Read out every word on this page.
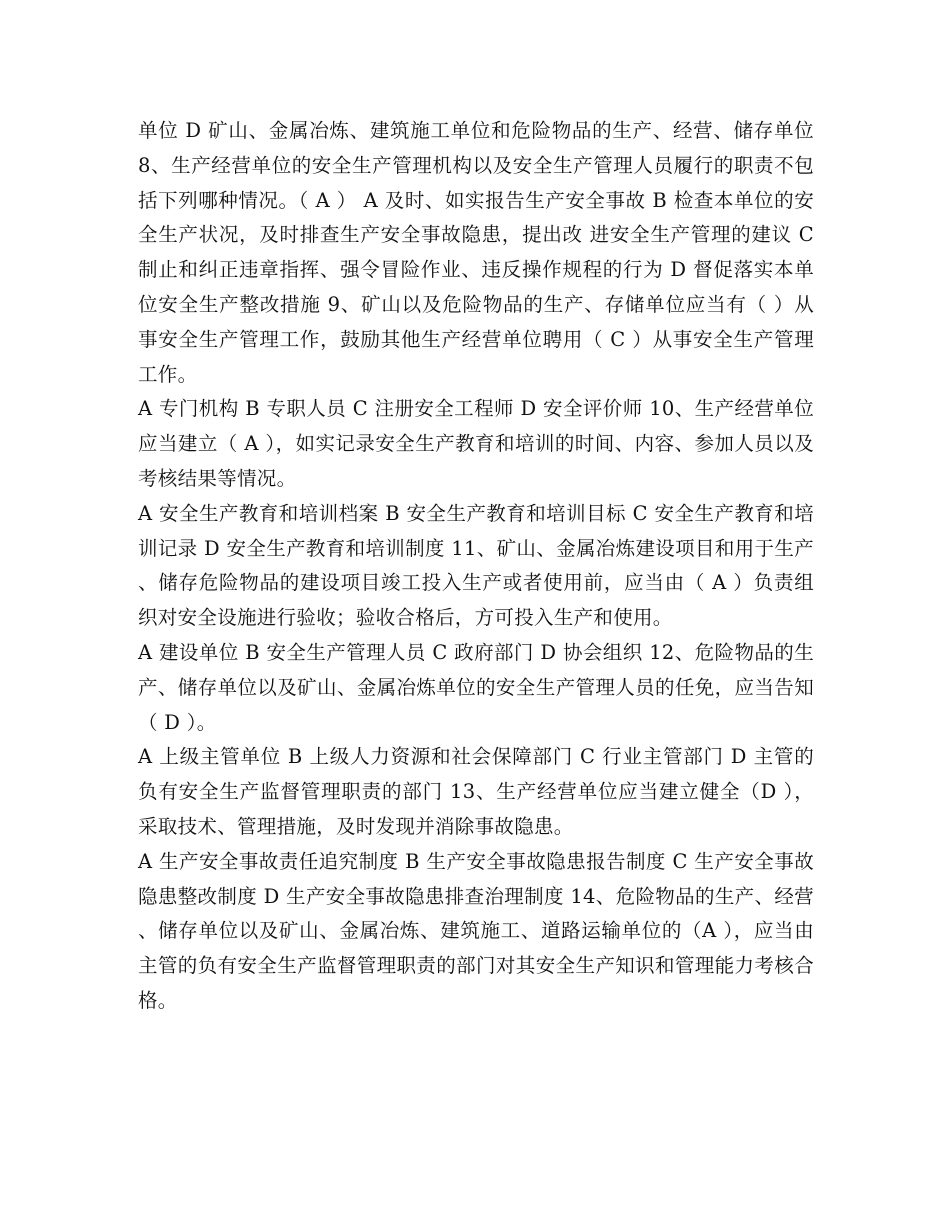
单位 D 矿山、金属冶炼、建筑施工单位和危险物品的生产、经营、储存单位 8、生产经营单位的安全生产管理机构以及安全生产管理人员履行的职责不包括下列哪种情况。（ A ） A 及时、如实报告生产安全事故 B 检查本单位的安全生产状况，及时排查生产安全事故隐患，提出改 进安全生产管理的建议 C 制止和纠正违章指挥、强令冒险作业、违反操作规程的行为 D 督促落实本单位安全生产整改措施 9、矿山以及危险物品的生产、存储单位应当有（ ）从事安全生产管理工作，鼓励其他生产经营单位聘用（ C ）从事安全生产管理工作。

A 专门机构 B 专职人员 C 注册安全工程师 D 安全评价师 10、生产经营单位应当建立（ A ），如实记录安全生产教育和培训的时间、内容、参加人员以及考核结果等情况。

A 安全生产教育和培训档案 B 安全生产教育和培训目标 C 安全生产教育和培训记录 D 安全生产教育和培训制度 11、矿山、金属冶炼建设项目和用于生产、储存危险物品的建设项目竣工投入生产或者使用前，应当由（ A ）负责组织对安全设施进行验收；验收合格后，方可投入生产和使用。

A 建设单位 B 安全生产管理人员 C 政府部门 D 协会组织 12、危险物品的生产、储存单位以及矿山、金属冶炼单位的安全生产管理人员的任免，应当告知（ D ）。

A 上级主管单位 B 上级人力资源和社会保障部门 C 行业主管部门 D 主管的负有安全生产监督管理职责的部门 13、生产经营单位应当建立健全（D ），采取技术、管理措施，及时发现并消除事故隐患。

A 生产安全事故责任追究制度 B 生产安全事故隐患报告制度 C 生产安全事故隐患整改制度 D 生产安全事故隐患排查治理制度 14、危险物品的生产、经营、储存单位以及矿山、金属冶炼、建筑施工、道路运输单位的（A ），应当由主管的负有安全生产监督管理职责的部门对其安全生产知识和管理能力考核合格。
